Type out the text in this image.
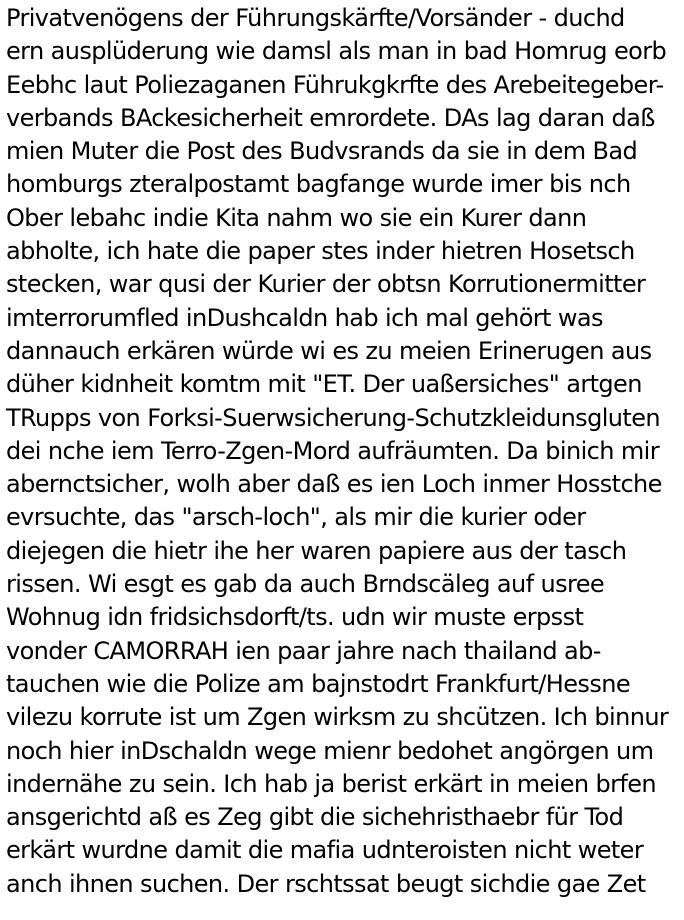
Privatvenögens der Führungskärfte/Vorsänder - duchd
ern ausplüderung wie damsl als man in bad Homrug eorb
Eebhc laut Poliezaganen Führukgkrfte des Arebeitegeber-
verbands BAckesicherheit emrordete. DAs lag daran daß
mien Muter die Post des Budvsrands da sie in dem Bad
homburgs zteralpostamt bagfange wurde imer bis nch
Ober lebahc indie Kita nahm wo sie ein Kurer dann
abholte, ich hate die paper stes inder hietren Hosetsch
stecken, war qusi der Kurier der obtsn Korrutionermitter
imterrorumfled inDushcaldn hab ich mal gehört was
dannauch erkären würde wi es zu meien Erinerugen aus
düher kidnheit komtm mit "ET. Der uaßersiches" artgen
TRupps von Forksi-Suerwsicherung-Schutzkleidunsgluten
dei nche iem Terro-Zgen-Mord aufräumten. Da binich mir
abernctsicher, wolh aber daß es ien Loch inmer Hosstche
evrsuchte, das "arsch-loch", als mir die kurier oder
diejegen die hietr ihe her waren papiere aus der tasch
rissen. Wi esgt es gab da auch Brndscäleg auf usree
Wohnug idn fridsichsdorft/ts. udn wir muste erpsst
vonder CAMORRAH ien paar jahre nach thailand ab-
tauchen wie die Polize am bajnstodrt Frankfurt/Hessne
vilezu korrute ist um Zgen wirksm zu shcützen. Ich binnur
noch hier inDschaldn wege mienr bedohet angörgen um
indernähe zu sein. Ich hab ja berist erkärt in meien brfen
ansgerichtd aß es Zeg gibt die sichehristhaebr für Tod
erkärt wurdne damit die mafia udnteroisten nicht weter
anch ihnen suchen. Der rschtssat beugt sichdie gae Zet
